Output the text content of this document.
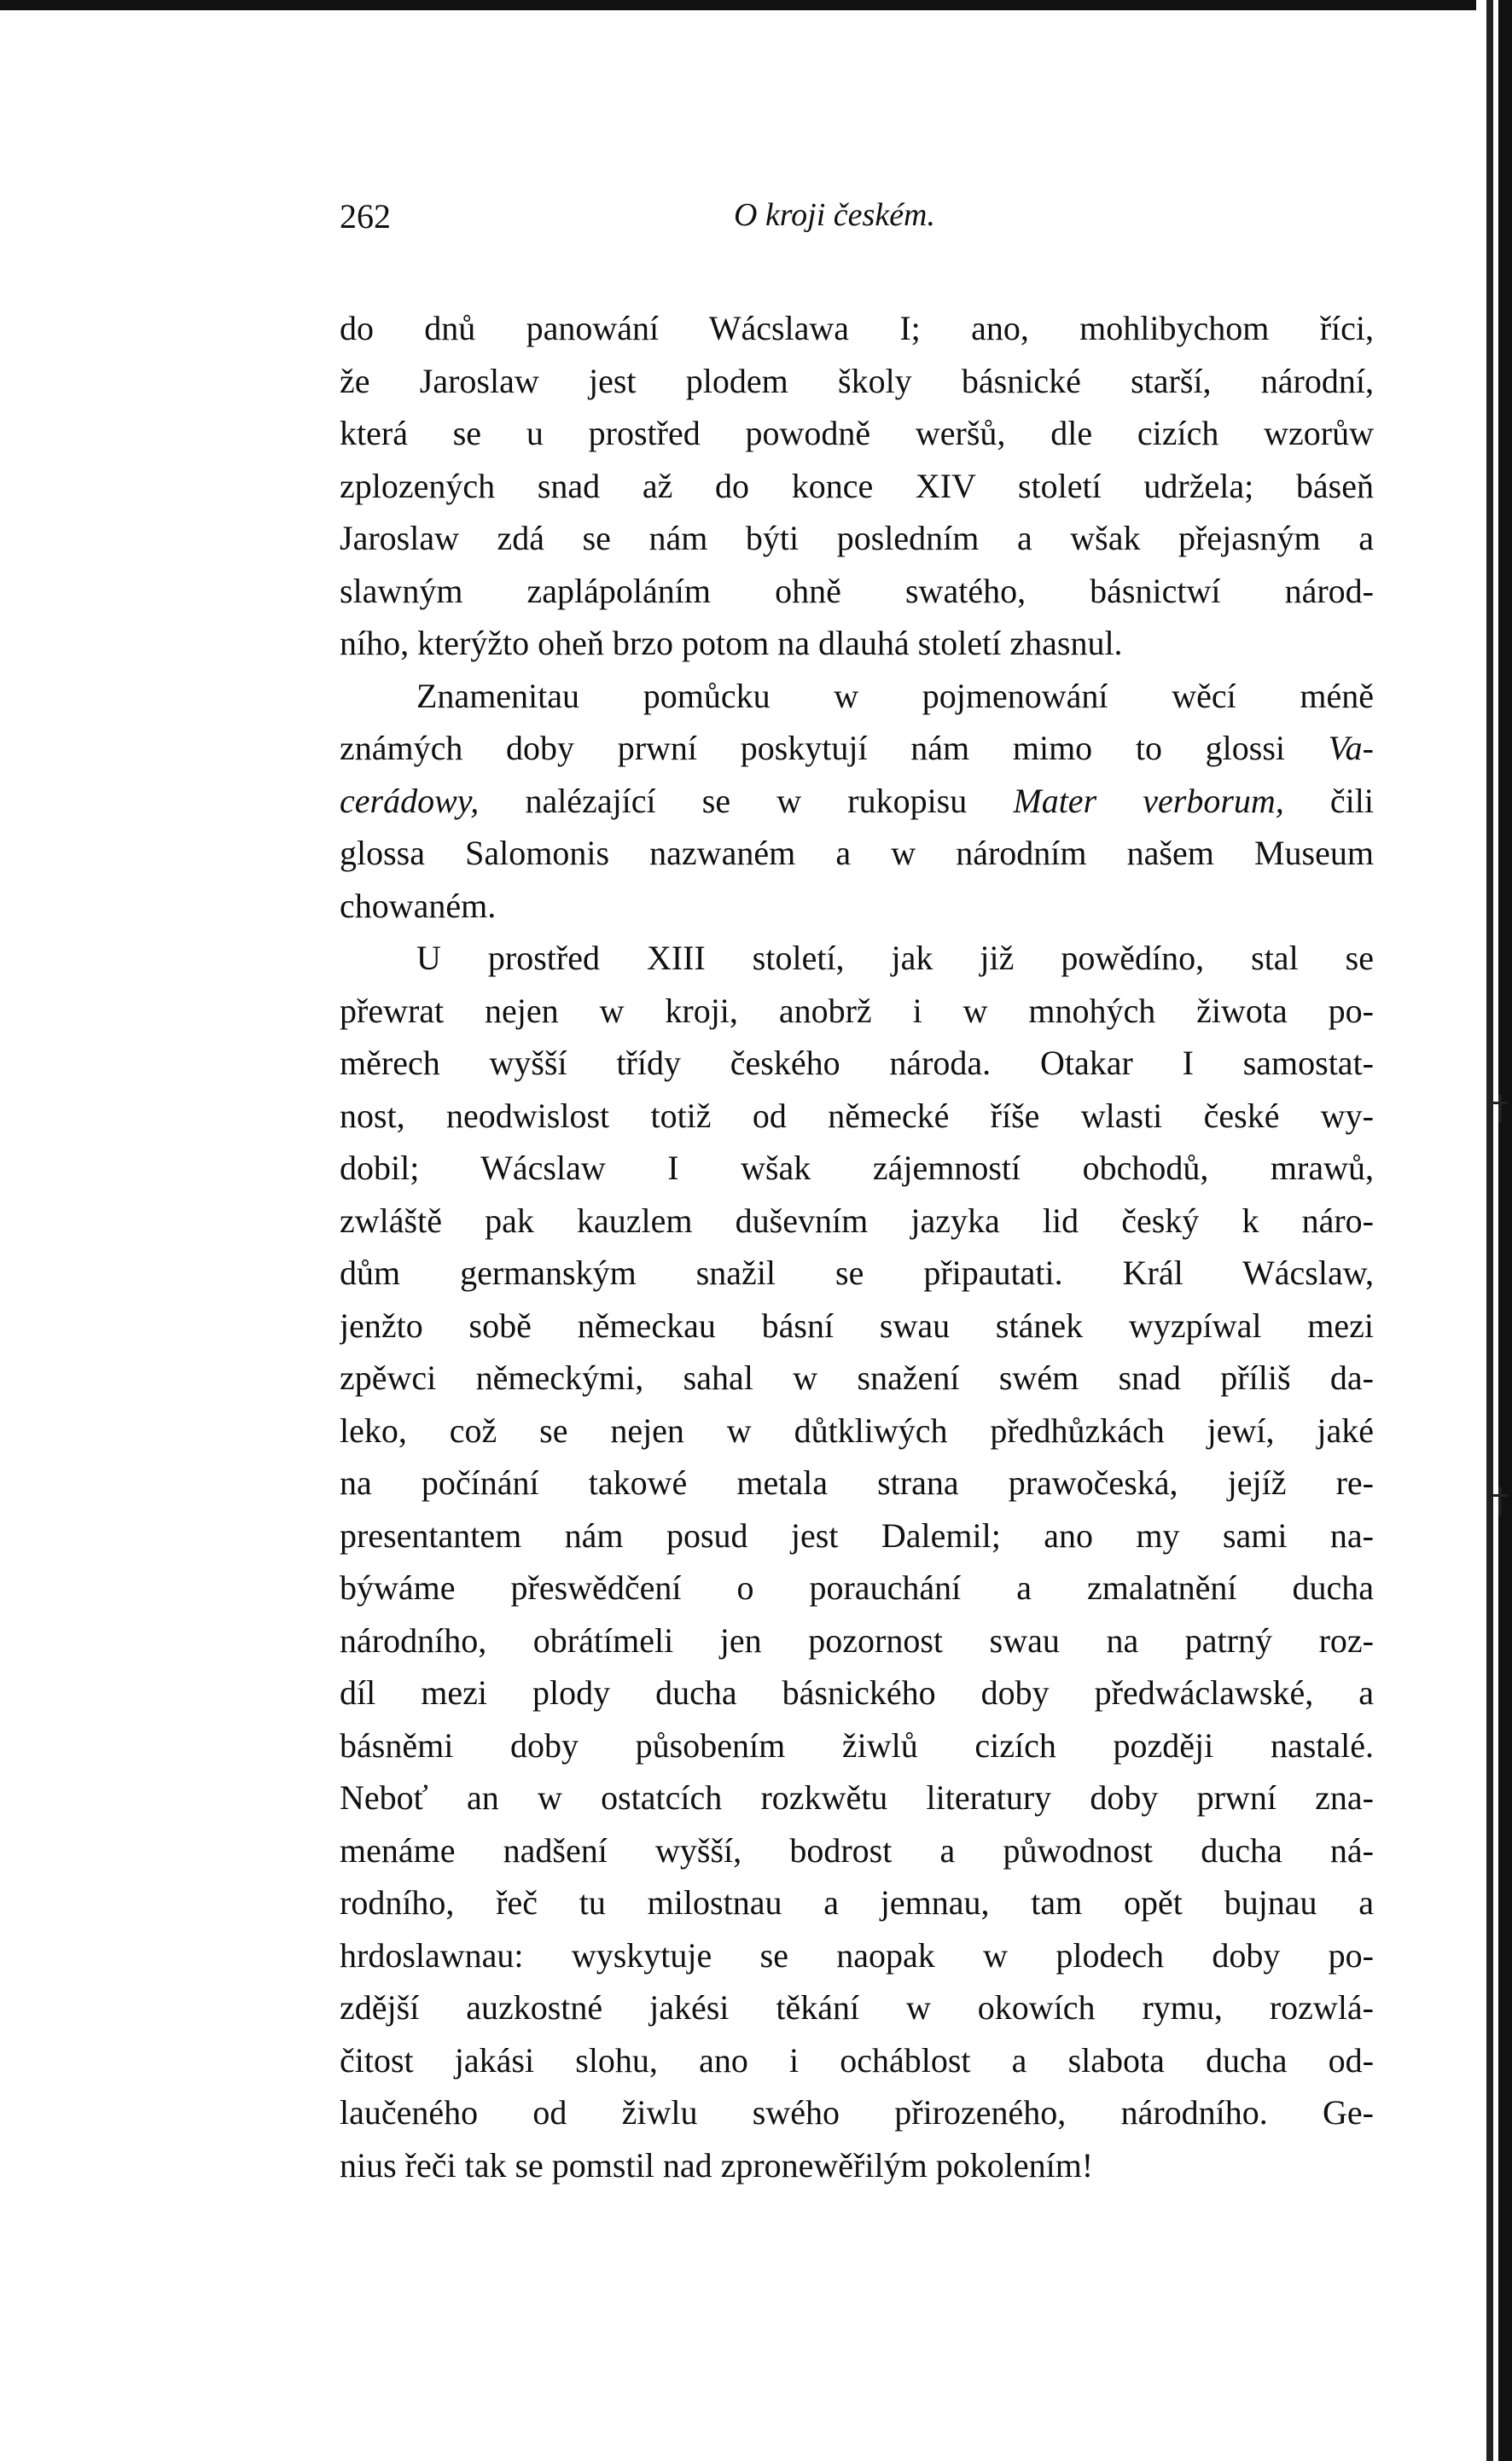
†
†
262	O kroji českém.
do dnů panowání Wácslawa I; ano, mohlibychom říci,
že Jaroslaw jest plodem školy básnické starší, národní,
která se u prostřed powodně weršů, dle cizích wzorůw
zplozených snad až do konce XIV století udržela; báseň
Jaroslaw zdá se nám býti posledním a wšak přejasným a
slawným zaplápoláním ohně swatého, básnictwí národ-
ního, kterýžto oheň brzo potom na dlauhá století zhasnul.
Znamenitau pomůcku w pojmenowání wěcí méně
známých doby prwní poskytují nám mimo to glossi Va-
cerádowy, nalézající se w rukopisu Mater verborum, čili
glossa Salomonis nazwaném a w národním našem Museum
chowaném.
U prostřed XIII století, jak již powědíno, stal se
přewrat nejen w kroji, anobrž i w mnohých žiwota po-
měrech wyšší třídy českého národa. Otakar I samostat-
nost, neodwislost totiž od německé říše wlasti české wy-
dobil; Wácslaw I wšak zájemností obchodů, mrawů,
zwláště pak kauzlem duševním jazyka lid český k náro-
dům germanským snažil se připautati. Král Wácslaw,
jenžto sobě německau básní swau stánek wyzpíwal mezi
zpěwci německými, sahal w snažení swém snad příliš da-
leko, což se nejen w důtkliwých předhůzkách jewí, jaké
na počínání takowé metala strana prawočeská, jejíž re-
presentantem nám posud jest Dalemil; ano my sami na-
býwáme přeswědčení o porauchání a zmalatnění ducha
národního, obrátímeli jen pozornost swau na patrný roz-
díl mezi plody ducha básnického doby předwáclawské, a
básněmi doby působením žiwlů cizích později nastalé.
Neboť an w ostatcích rozkwětu literatury doby prwní zna-
menáme nadšení wyšší, bodrost a půwodnost ducha ná-
rodního, řeč tu milostnau a jemnau, tam opět bujnau a
hrdoslawnau: wyskytuje se naopak w plodech doby po-
zdější auzkostné jakési těkání w okowích rymu, rozwlá-
čitost jakási slohu, ano i ocháblost a slabota ducha od-
laučeného od žiwlu swého přirozeného, národního. Ge-
nius řeči tak se pomstil nad zpronewěřilým pokolením!
